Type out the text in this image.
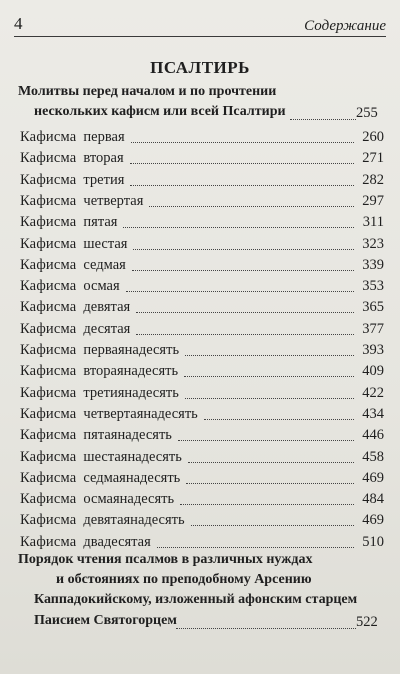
4	Содержание
ПСАЛТИРЬ
Молитвы перед началом и по прочтении
нескольких кафисм или всей Псалтири	255
Кафисма первая	260
Кафисма вторая	271
Кафисма третия	282
Кафисма четвертая	297
Кафисма пятая	311
Кафисма шестая	323
Кафисма седмая	339
Кафисма осмая	353
Кафисма девятая	365
Кафисма десятая	377
Кафисма перваянадесять	393
Кафисма втораянадесять	409
Кафисма третиянадесять	422
Кафисма четвертаянадесять	434
Кафисма пятаянадесять	446
Кафисма шестаянадесять	458
Кафисма седмаянадесять	469
Кафисма осмаянадесять	484
Кафисма девятаянадесять	469
Кафисма двадесятая	510
Порядок чтения псалмов в различных нуждах
и обстояниях по преподобному Арсению
Каппадокийскому, изложенный афонским старцем
Паисием Святогорцем	522
